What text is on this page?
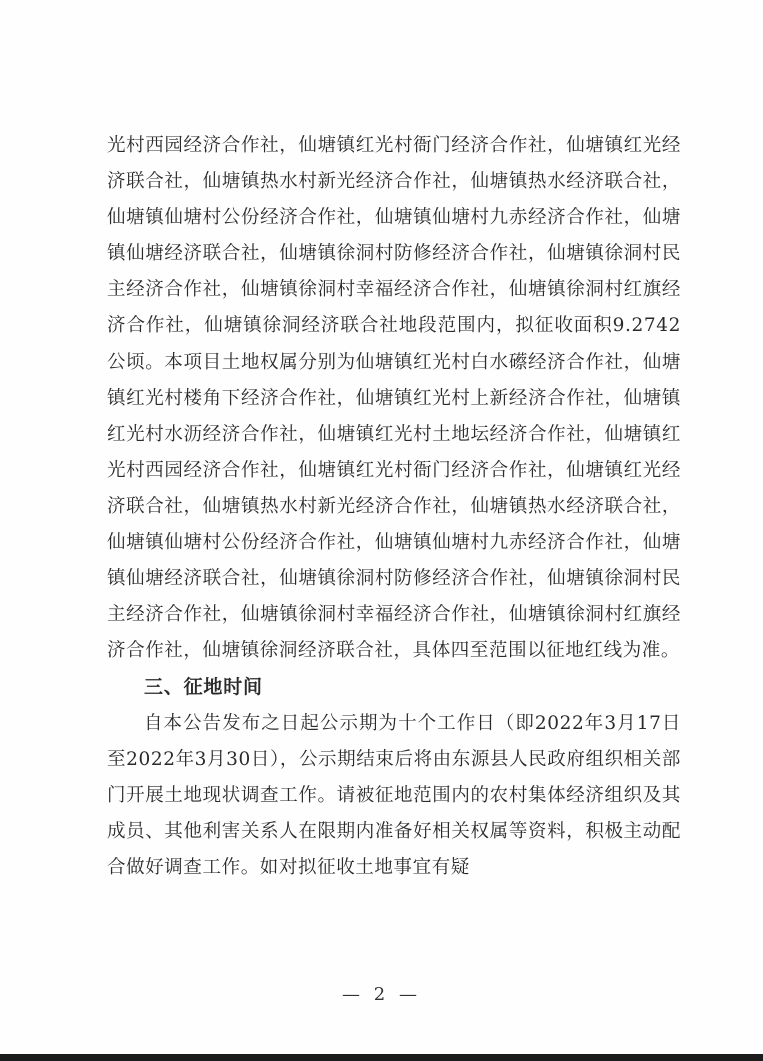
光村西园经济合作社，仙塘镇红光村衙门经济合作社，仙塘镇红光经济联合社，仙塘镇热水村新光经济合作社，仙塘镇热水经济联合社，仙塘镇仙塘村公份经济合作社，仙塘镇仙塘村九赤经济合作社，仙塘镇仙塘经济联合社，仙塘镇徐洞村防修经济合作社，仙塘镇徐洞村民主经济合作社，仙塘镇徐洞村幸福经济合作社，仙塘镇徐洞村红旗经济合作社，仙塘镇徐洞经济联合社地段范围内，拟征收面积9.2742公顷。本项目土地权属分别为仙塘镇红光村白水礤经济合作社，仙塘镇红光村楼角下经济合作社，仙塘镇红光村上新经济合作社，仙塘镇红光村水沥经济合作社，仙塘镇红光村土地坛经济合作社，仙塘镇红光村西园经济合作社，仙塘镇红光村衙门经济合作社，仙塘镇红光经济联合社，仙塘镇热水村新光经济合作社，仙塘镇热水经济联合社，仙塘镇仙塘村公份经济合作社，仙塘镇仙塘村九赤经济合作社，仙塘镇仙塘经济联合社，仙塘镇徐洞村防修经济合作社，仙塘镇徐洞村民主经济合作社，仙塘镇徐洞村幸福经济合作社，仙塘镇徐洞村红旗经济合作社，仙塘镇徐洞经济联合社，具体四至范围以征地红线为准。

三、征地时间

自本公告发布之日起公示期为十个工作日（即2022年3月17日至2022年3月30日），公示期结束后将由东源县人民政府组织相关部门开展土地现状调查工作。请被征地范围内的农村集体经济组织及其成员、其他利害关系人在限期内准备好相关权属等资料，积极主动配合做好调查工作。如对拟征收土地事宜有疑

— 2 —
